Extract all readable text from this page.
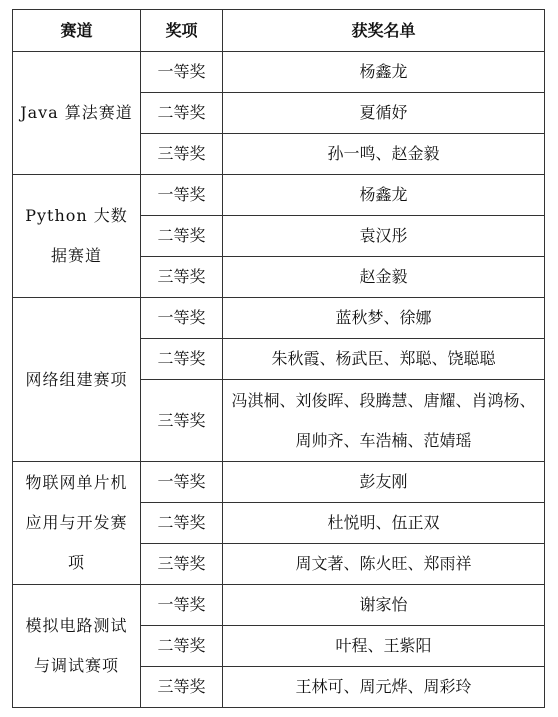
赛道	奖项	获奖名单
Java 算法赛道	一等奖	杨鑫龙
	二等奖	夏循妤
	三等奖	孙一鸣、赵金毅
Python 大数据赛道	一等奖	杨鑫龙
	二等奖	袁汉彤
	三等奖	赵金毅
网络组建赛项	一等奖	蓝秋梦、徐娜
	二等奖	朱秋霞、杨武臣、郑聪、饶聪聪
	三等奖	冯淇桐、刘俊晖、段腾慧、唐耀、肖鸿杨、周帅齐、车浩楠、范婧瑶
物联网单片机应用与开发赛项	一等奖	彭友刚
	二等奖	杜悦明、伍正双
	三等奖	周文著、陈火旺、郑雨祥
模拟电路测试与调试赛项	一等奖	谢家怡
	二等奖	叶程、王紫阳
	三等奖	王林可、周元烨、周彩玲
